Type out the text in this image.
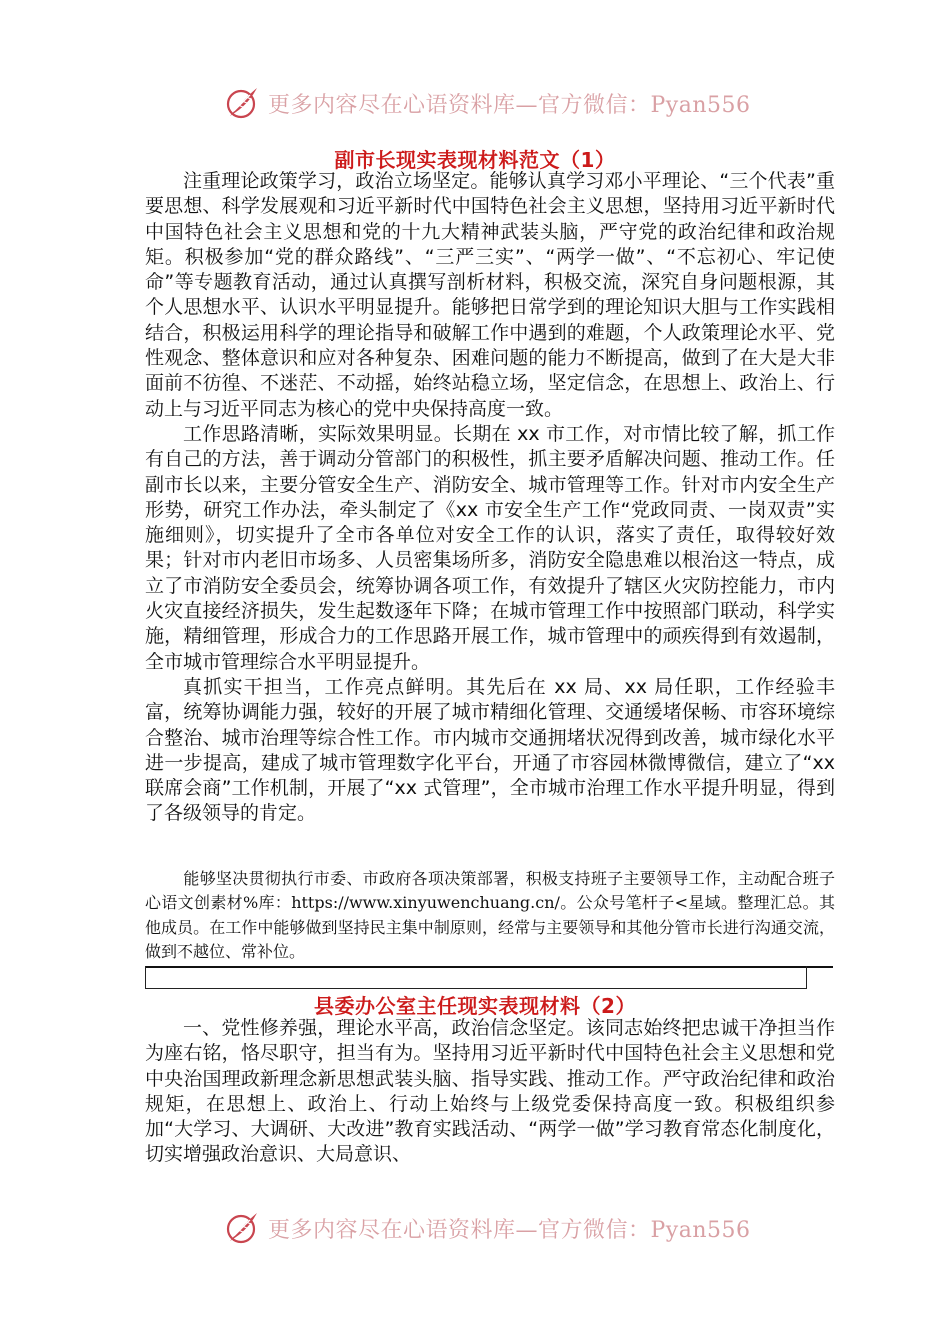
更多内容尽在心语资料库—官方微信：Pyan556
副市长现实表现材料范文（1）

注重理论政策学习，政治立场坚定。能够认真学习邓小平理论、“三个代表”重要思想、科学发展观和习近平新时代中国特色社会主义思想，坚持用习近平新时代中国特色社会主义思想和党的十九大精神武装头脑，严守党的政治纪律和政治规矩。积极参加“党的群众路线”、“三严三实”、“两学一做”、“不忘初心、牢记使命”等专题教育活动，通过认真撰写剖析材料，积极交流，深究自身问题根源，其个人思想水平、认识水平明显提升。能够把日常学到的理论知识大胆与工作实践相结合，积极运用科学的理论指导和破解工作中遇到的难题，个人政策理论水平、党性观念、整体意识和应对各种复杂、困难问题的能力不断提高，做到了在大是大非面前不彷徨、不迷茫、不动摇，始终站稳立场，坚定信念，在思想上、政治上、行动上与习近平同志为核心的党中央保持高度一致。

工作思路清晰，实际效果明显。长期在 xx 市工作，对市情比较了解，抓工作有自己的方法，善于调动分管部门的积极性，抓主要矛盾解决问题、推动工作。任副市长以来，主要分管安全生产、消防安全、城市管理等工作。针对市内安全生产形势，研究工作办法，牵头制定了《xx 市安全生产工作“党政同责、一岗双责”实施细则》，切实提升了全市各单位对安全工作的认识，落实了责任，取得较好效果；针对市内老旧市场多、人员密集场所多，消防安全隐患难以根治这一特点，成立了市消防安全委员会，统筹协调各项工作，有效提升了辖区火灾防控能力，市内火灾直接经济损失，发生起数逐年下降；在城市管理工作中按照部门联动，科学实施，精细管理，形成合力的工作思路开展工作，城市管理中的顽疾得到有效遏制，全市城市管理综合水平明显提升。

真抓实干担当，工作亮点鲜明。其先后在 xx 局、xx 局任职，工作经验丰富，统筹协调能力强，较好的开展了城市精细化管理、交通缓堵保畅、市容环境综合整治、城市治理等综合性工作。市内城市交通拥堵状况得到改善，城市绿化水平进一步提高，建成了城市管理数字化平台，开通了市容园林微博微信，建立了“xx 联席会商”工作机制，开展了“xx 式管理”，全市城市治理工作水平提升明显，得到了各级领导的肯定。

能够坚决贯彻执行市委、市政府各项决策部署，积极支持班子主要领导工作，主动配合班子心语文创素材%库：https://www.xinyuwenchuang.cn/。公众号笔杆子<星域。整理汇总。其他成员。在工作中能够做到坚持民主集中制原则，经常与主要领导和其他分管市长进行沟通交流，做到不越位、常补位。

县委办公室主任现实表现材料（2）

一、党性修养强，理论水平高，政治信念坚定。该同志始终把忠诚干净担当作为座右铭，恪尽职守，担当有为。坚持用习近平新时代中国特色社会主义思想和党中央治国理政新理念新思想武装头脑、指导实践、推动工作。严守政治纪律和政治规矩，在思想上、政治上、行动上始终与上级党委保持高度一致。积极组织参加“大学习、大调研、大改进”教育实践活动、“两学一做”学习教育常态化制度化，切实增强政治意识、大局意识、

更多内容尽在心语资料库—官方微信：Pyan556
